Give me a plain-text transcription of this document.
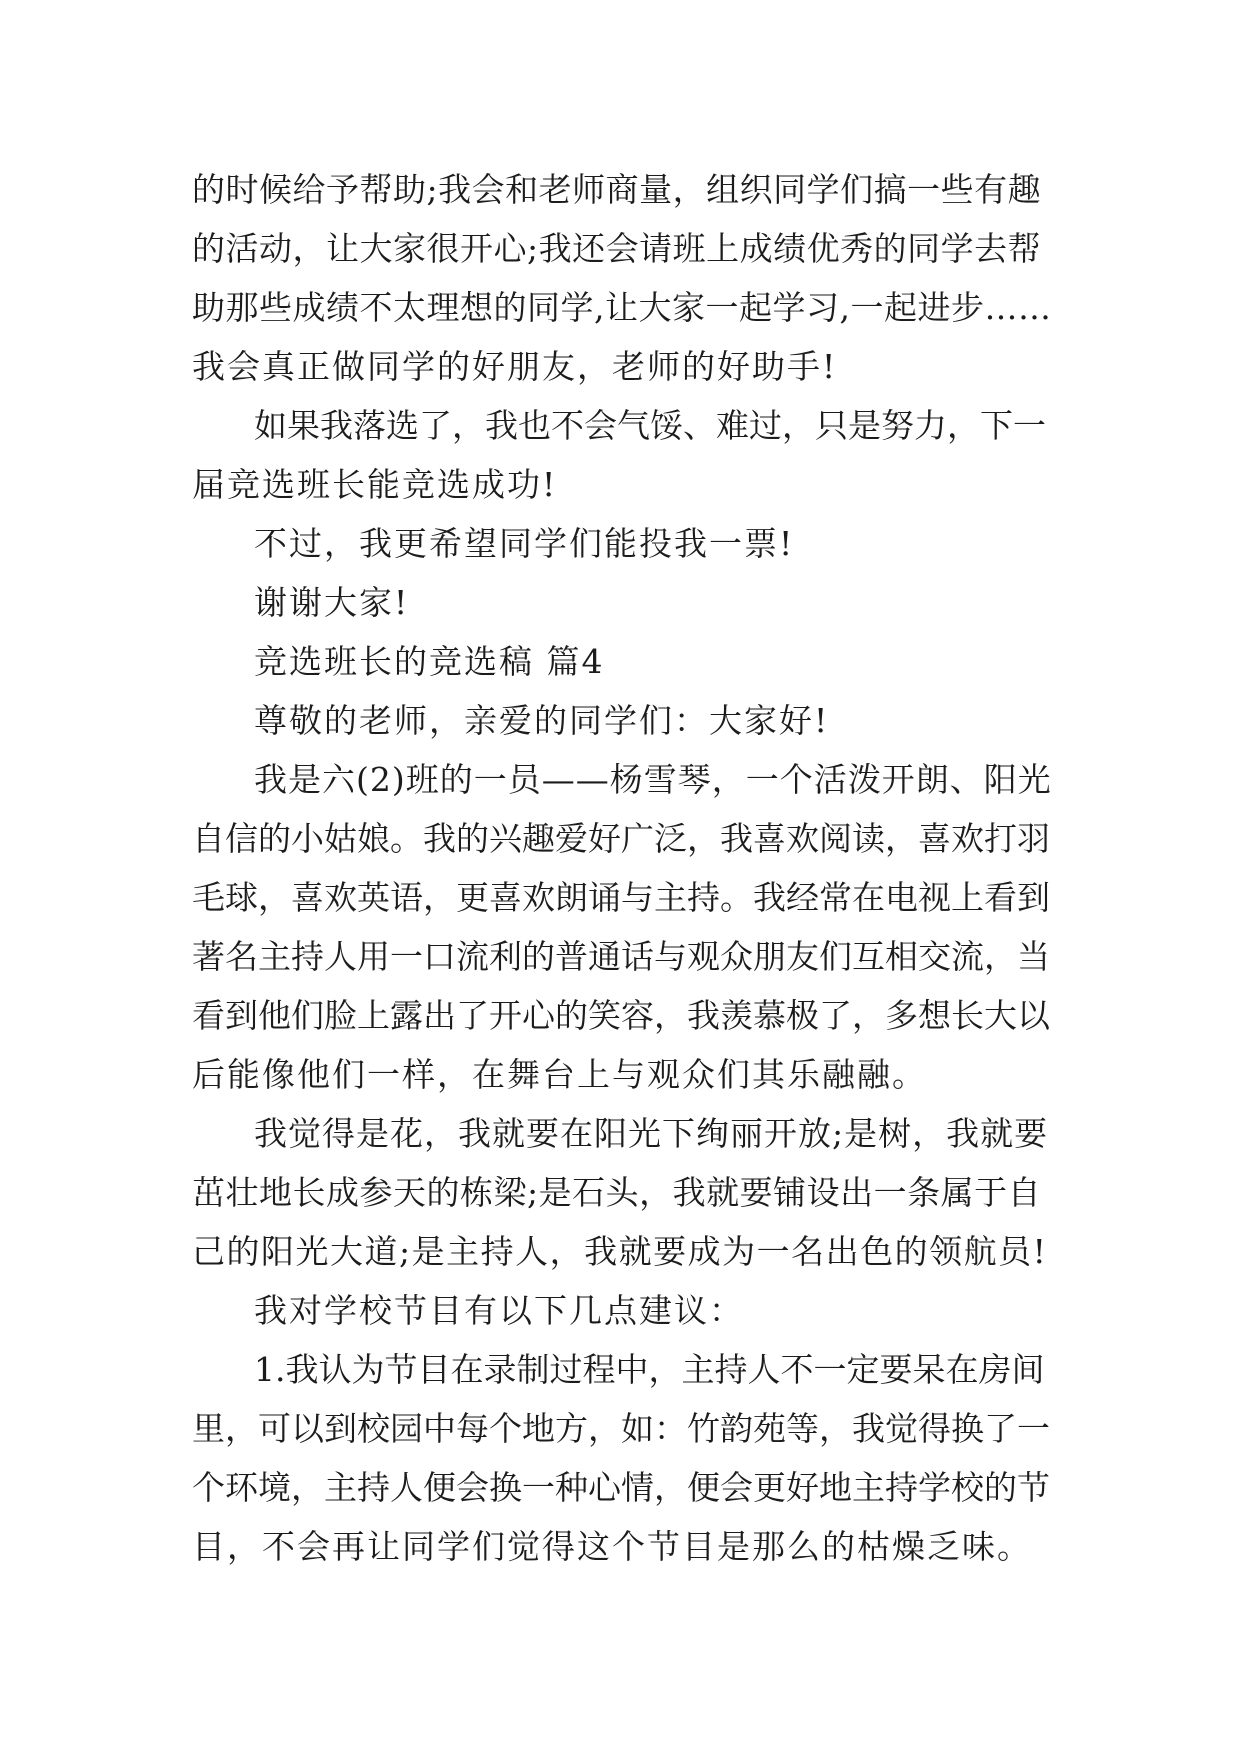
的时候给予帮助;我会和老师商量，组织同学们搞一些有趣
的活动，让大家很开心;我还会请班上成绩优秀的同学去帮
助那些成绩不太理想的同学,让大家一起学习,一起进步……
我会真正做同学的好朋友，老师的好助手!
如果我落选了，我也不会气馁、难过，只是努力，下一
届竞选班长能竞选成功!
不过，我更希望同学们能投我一票!
谢谢大家!
竞选班长的竞选稿 篇4
尊敬的老师，亲爱的同学们：大家好!
我是六(2)班的一员——杨雪琴，一个活泼开朗、阳光
自信的小姑娘。我的兴趣爱好广泛，我喜欢阅读，喜欢打羽
毛球，喜欢英语，更喜欢朗诵与主持。我经常在电视上看到
著名主持人用一口流利的普通话与观众朋友们互相交流，当
看到他们脸上露出了开心的笑容，我羡慕极了，多想长大以
后能像他们一样，在舞台上与观众们其乐融融。
我觉得是花，我就要在阳光下绚丽开放;是树，我就要
茁壮地长成参天的栋梁;是石头，我就要铺设出一条属于自
己的阳光大道;是主持人，我就要成为一名出色的领航员!
我对学校节目有以下几点建议：
1.我认为节目在录制过程中，主持人不一定要呆在房间
里，可以到校园中每个地方，如：竹韵苑等，我觉得换了一
个环境，主持人便会换一种心情，便会更好地主持学校的节
目，不会再让同学们觉得这个节目是那么的枯燥乏味。
